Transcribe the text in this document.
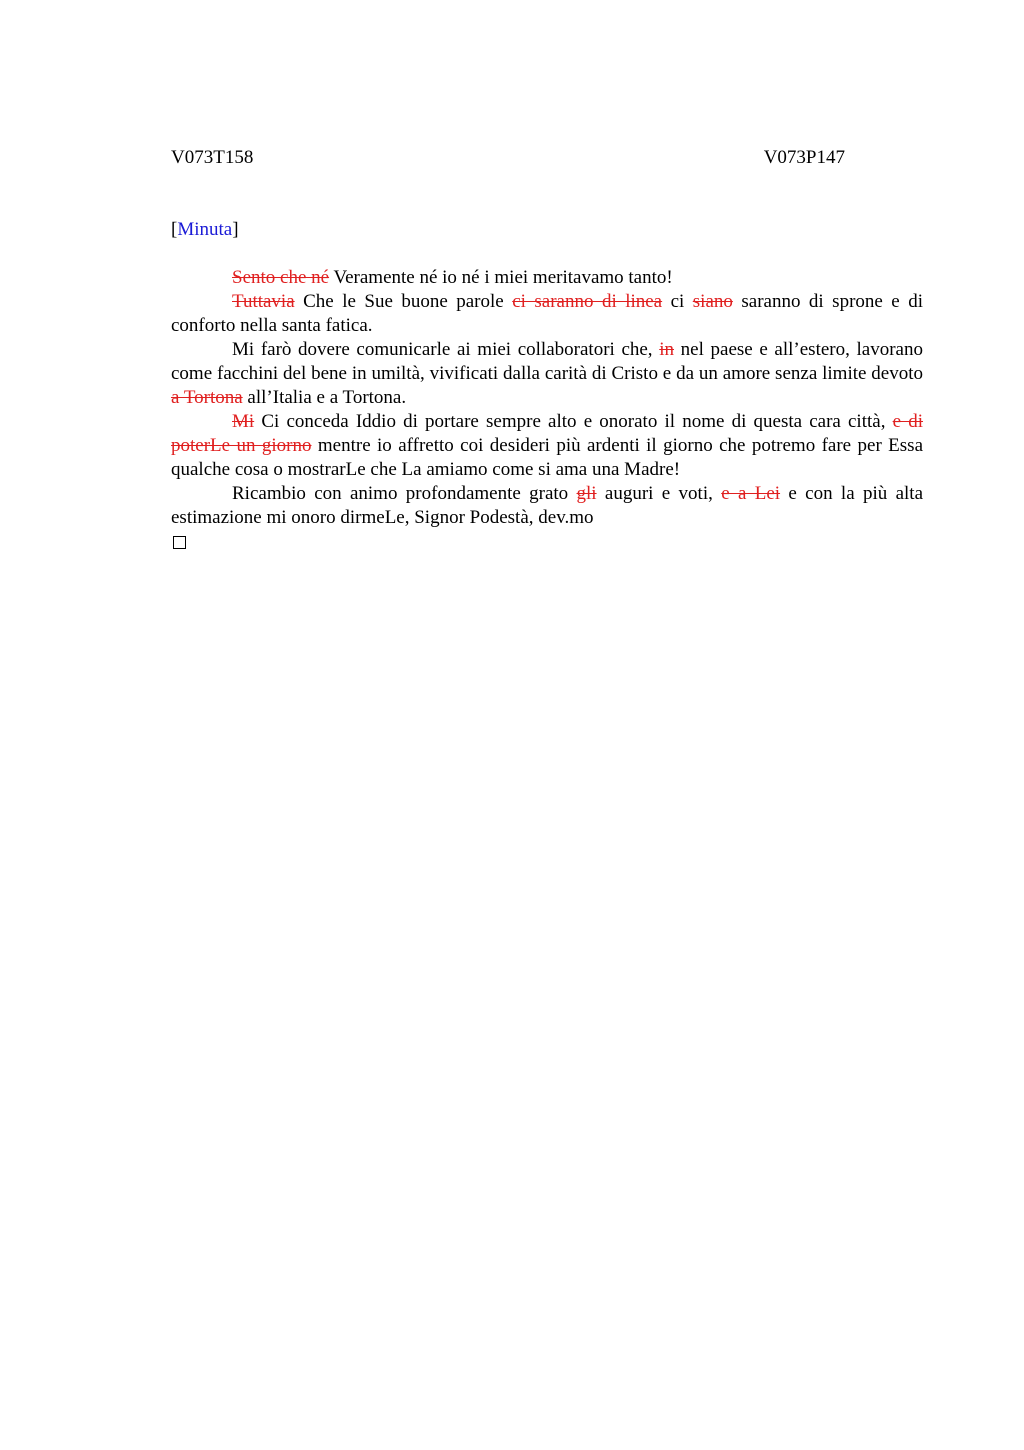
V073T158	V073P147
[Minuta]

Sento che né Veramente né io né i miei meritavamo tanto!

Tuttavia Che le Sue buone parole ci saranno di linea ci siano saranno di sprone e di conforto nella santa fatica.

Mi farò dovere comunicarle ai miei collaboratori che, in nel paese e all’estero, lavorano come facchini del bene in umiltà, vivificati dalla carità di Cristo e da un amore senza limite devoto a Tortona all’Italia e a Tortona.

Mi Ci conceda Iddio di portare sempre alto e onorato il nome di questa cara città, e di poterLe un giorno mentre io affretto coi desideri più ardenti il giorno che potremo fare per Essa qualche cosa o mostrarLe che La amiamo come si ama una Madre!

Ricambio con animo profondamente grato gli auguri e voti, e a Lei e con la più alta estimazione mi onoro dirmeLe, Signor Podestà, dev.mo
